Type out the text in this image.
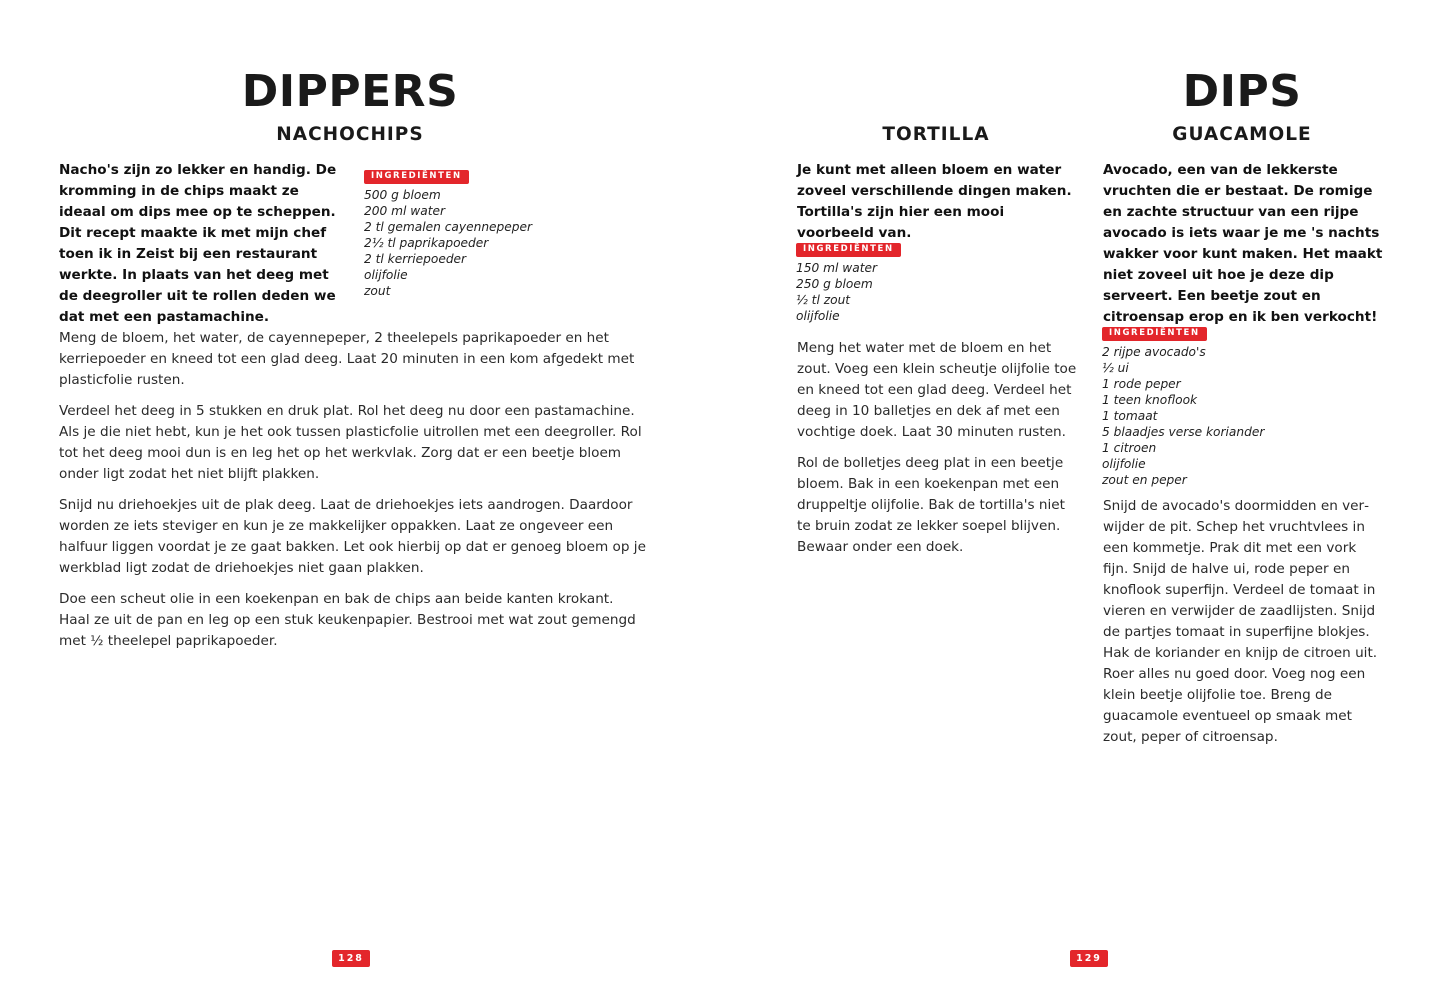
DIPPERS
NACHOCHIPS

Nacho's zijn zo lekker en handig. De kromming in de chips maakt ze ideaal om dips mee op te scheppen. Dit recept maakte ik met mijn chef toen ik in Zeist bij een restaurant werkte. In plaats van het deeg met de deegroller uit te rollen deden we dat met een pastamachine.

INGREDIËNTEN
500 g bloem
200 ml water
2 tl gemalen cayennepeper
2½ tl paprikapoeder
2 tl kerriepoeder
olijfolie
zout

Meng de bloem, het water, de cayennepeper, 2 theelepels paprikapoeder en het kerriepoeder en kneed tot een glad deeg. Laat 20 minuten in een kom afgedekt met plasticfolie rusten.

Verdeel het deeg in 5 stukken en druk plat. Rol het deeg nu door een pastamachine. Als je die niet hebt, kun je het ook tussen plasticfolie uitrollen met een deegroller. Rol tot het deeg mooi dun is en leg het op het werkvlak. Zorg dat er een beetje bloem onder ligt zodat het niet blijft plakken.

Snijd nu driehoekjes uit de plak deeg. Laat de driehoekjes iets aandrogen. Daardoor worden ze iets steviger en kun je ze makkelijker oppakken. Laat ze ongeveer een halfuur liggen voordat je ze gaat bakken. Let ook hierbij op dat er genoeg bloem op je werkblad ligt zodat de driehoekjes niet gaan plakken.

Doe een scheut olie in een koekenpan en bak de chips aan beide kanten krokant. Haal ze uit de pan en leg op een stuk keukenpapier. Bestrooi met wat zout gemengd met ½ theelepel paprikapoeder.

128
DIPS
TORTILLA

Je kunt met alleen bloem en water zoveel verschillende dingen maken. Tortilla's zijn hier een mooi voorbeeld van.

INGREDIËNTEN
150 ml water
250 g bloem
½ tl zout
olijfolie

Meng het water met de bloem en het zout. Voeg een klein scheutje olijfolie toe en kneed tot een glad deeg. Verdeel het deeg in 10 balletjes en dek af met een vochtige doek. Laat 30 minuten rusten.

Rol de bolletjes deeg plat in een beetje bloem. Bak in een koekenpan met een druppeltje olijfolie. Bak de tortilla's niet te bruin zodat ze lekker soepel blijven. Bewaar onder een doek.

GUACAMOLE

Avocado, een van de lekkerste vruchten die er bestaat. De romige en zachte structuur van een rijpe avocado is iets waar je me 's nachts wakker voor kunt maken. Het maakt niet zoveel uit hoe je deze dip serveert. Een beetje zout en citroensap erop en ik ben verkocht!

INGREDIËNTEN
2 rijpe avocado's
½ ui
1 rode peper
1 teen knoflook
1 tomaat
5 blaadjes verse koriander
1 citroen
olijfolie
zout en peper

Snijd de avocado's doormidden en verwijder de pit. Schep het vruchtvlees in een kommetje. Prak dit met een vork fijn. Snijd de halve ui, rode peper en knoflook superfijn. Verdeel de tomaat in vieren en verwijder de zaadlijsten. Snijd de partjes tomaat in superfijne blokjes. Hak de koriander en knijp de citroen uit. Roer alles nu goed door. Voeg nog een klein beetje olijfolie toe. Breng de guacamole eventueel op smaak met zout, peper of citroensap.

129
